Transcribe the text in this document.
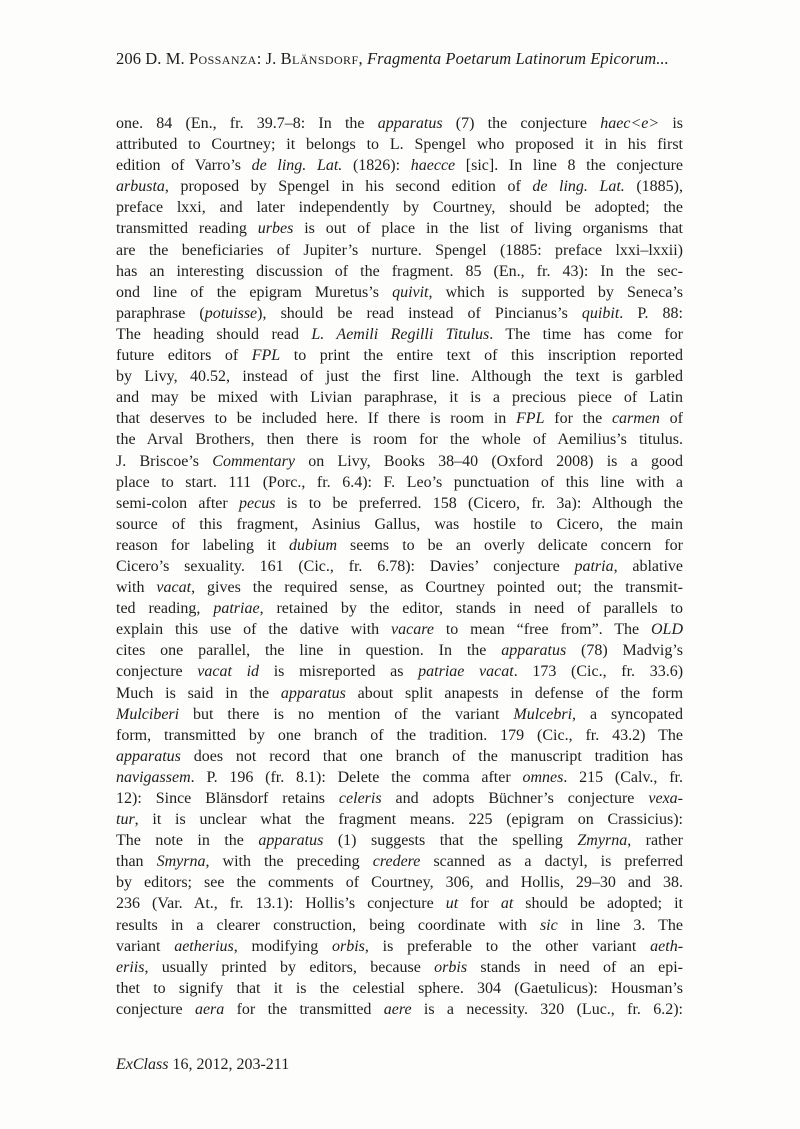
206 D. M. Possanza: J. Blänsdorf, Fragmenta Poetarum Latinorum Epicorum...
one. 84 (En., fr. 39.7–8: In the apparatus (7) the conjecture haec<e> is
attributed to Courtney; it belongs to L. Spengel who proposed it in his first
edition of Varro’s de ling. Lat. (1826): haecce [sic]. In line 8 the conjecture
arbusta, proposed by Spengel in his second edition of de ling. Lat. (1885),
preface lxxi, and later independently by Courtney, should be adopted; the
transmitted reading urbes is out of place in the list of living organisms that
are the beneficiaries of Jupiter’s nurture. Spengel (1885: preface lxxi–lxxii)
has an interesting discussion of the fragment. 85 (En., fr. 43): In the sec-
ond line of the epigram Muretus’s quivit, which is supported by Seneca’s
paraphrase (potuisse), should be read instead of Pincianus’s quibit. P. 88:
The heading should read L. Aemili Regilli Titulus. The time has come for
future editors of FPL to print the entire text of this inscription reported
by Livy, 40.52, instead of just the first line. Although the text is garbled
and may be mixed with Livian paraphrase, it is a precious piece of Latin
that deserves to be included here. If there is room in FPL for the carmen of
the Arval Brothers, then there is room for the whole of Aemilius’s titulus.
J. Briscoe’s Commentary on Livy, Books 38–40 (Oxford 2008) is a good
place to start. 111 (Porc., fr. 6.4): F. Leo’s punctuation of this line with a
semi-colon after pecus is to be preferred. 158 (Cicero, fr. 3a): Although the
source of this fragment, Asinius Gallus, was hostile to Cicero, the main
reason for labeling it dubium seems to be an overly delicate concern for
Cicero’s sexuality. 161 (Cic., fr. 6.78): Davies’ conjecture patria, ablative
with vacat, gives the required sense, as Courtney pointed out; the transmit-
ted reading, patriae, retained by the editor, stands in need of parallels to
explain this use of the dative with vacare to mean “free from”. The OLD
cites one parallel, the line in question. In the apparatus (78) Madvig’s
conjecture vacat id is misreported as patriae vacat. 173 (Cic., fr. 33.6)
Much is said in the apparatus about split anapests in defense of the form
Mulciberi but there is no mention of the variant Mulcebri, a syncopated
form, transmitted by one branch of the tradition. 179 (Cic., fr. 43.2) The
apparatus does not record that one branch of the manuscript tradition has
navigassem. P. 196 (fr. 8.1): Delete the comma after omnes. 215 (Calv., fr.
12): Since Blänsdorf retains celeris and adopts Büchner’s conjecture vexa-
tur, it is unclear what the fragment means. 225 (epigram on Crassicius):
The note in the apparatus (1) suggests that the spelling Zmyrna, rather
than Smyrna, with the preceding credere scanned as a dactyl, is preferred
by editors; see the comments of Courtney, 306, and Hollis, 29–30 and 38.
236 (Var. At., fr. 13.1): Hollis’s conjecture ut for at should be adopted; it
results in a clearer construction, being coordinate with sic in line 3. The
variant aetherius, modifying orbis, is preferable to the other variant aeth-
eriis, usually printed by editors, because orbis stands in need of an epi-
thet to signify that it is the celestial sphere. 304 (Gaetulicus): Housman’s
conjecture aera for the transmitted aere is a necessity. 320 (Luc., fr. 6.2):
ExClass 16, 2012, 203-211
